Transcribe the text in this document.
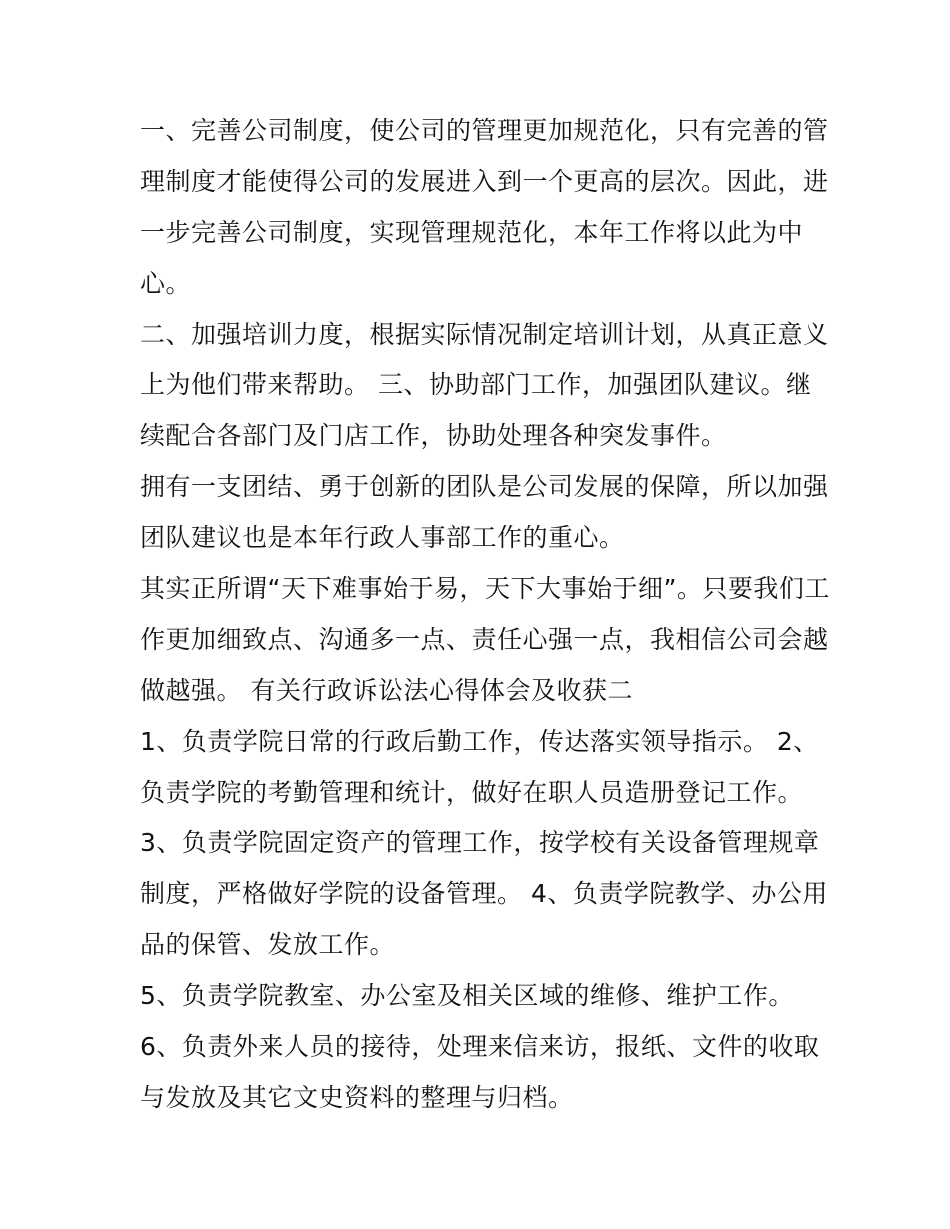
一、完善公司制度，使公司的管理更加规范化，只有完善的管
理制度才能使得公司的发展进入到一个更高的层次。因此，进
一步完善公司制度，实现管理规范化，本年工作将以此为中
心。
二、加强培训力度，根据实际情况制定培训计划，从真正意义
上为他们带来帮助。 三、协助部门工作，加强团队建议。继
续配合各部门及门店工作，协助处理各种突发事件。
拥有一支团结、勇于创新的团队是公司发展的保障，所以加强
团队建议也是本年行政人事部工作的重心。
其实正所谓“天下难事始于易，天下大事始于细”。只要我们工
作更加细致点、沟通多一点、责任心强一点，我相信公司会越
做越强。 有关行政诉讼法心得体会及收获二
1、负责学院日常的行政后勤工作，传达落实领导指示。 2、
负责学院的考勤管理和统计，做好在职人员造册登记工作。
3、负责学院固定资产的管理工作，按学校有关设备管理规章
制度，严格做好学院的设备管理。 4、负责学院教学、办公用
品的保管、发放工作。
5、负责学院教室、办公室及相关区域的维修、维护工作。
6、负责外来人员的接待，处理来信来访，报纸、文件的收取
与发放及其它文史资料的整理与归档。
